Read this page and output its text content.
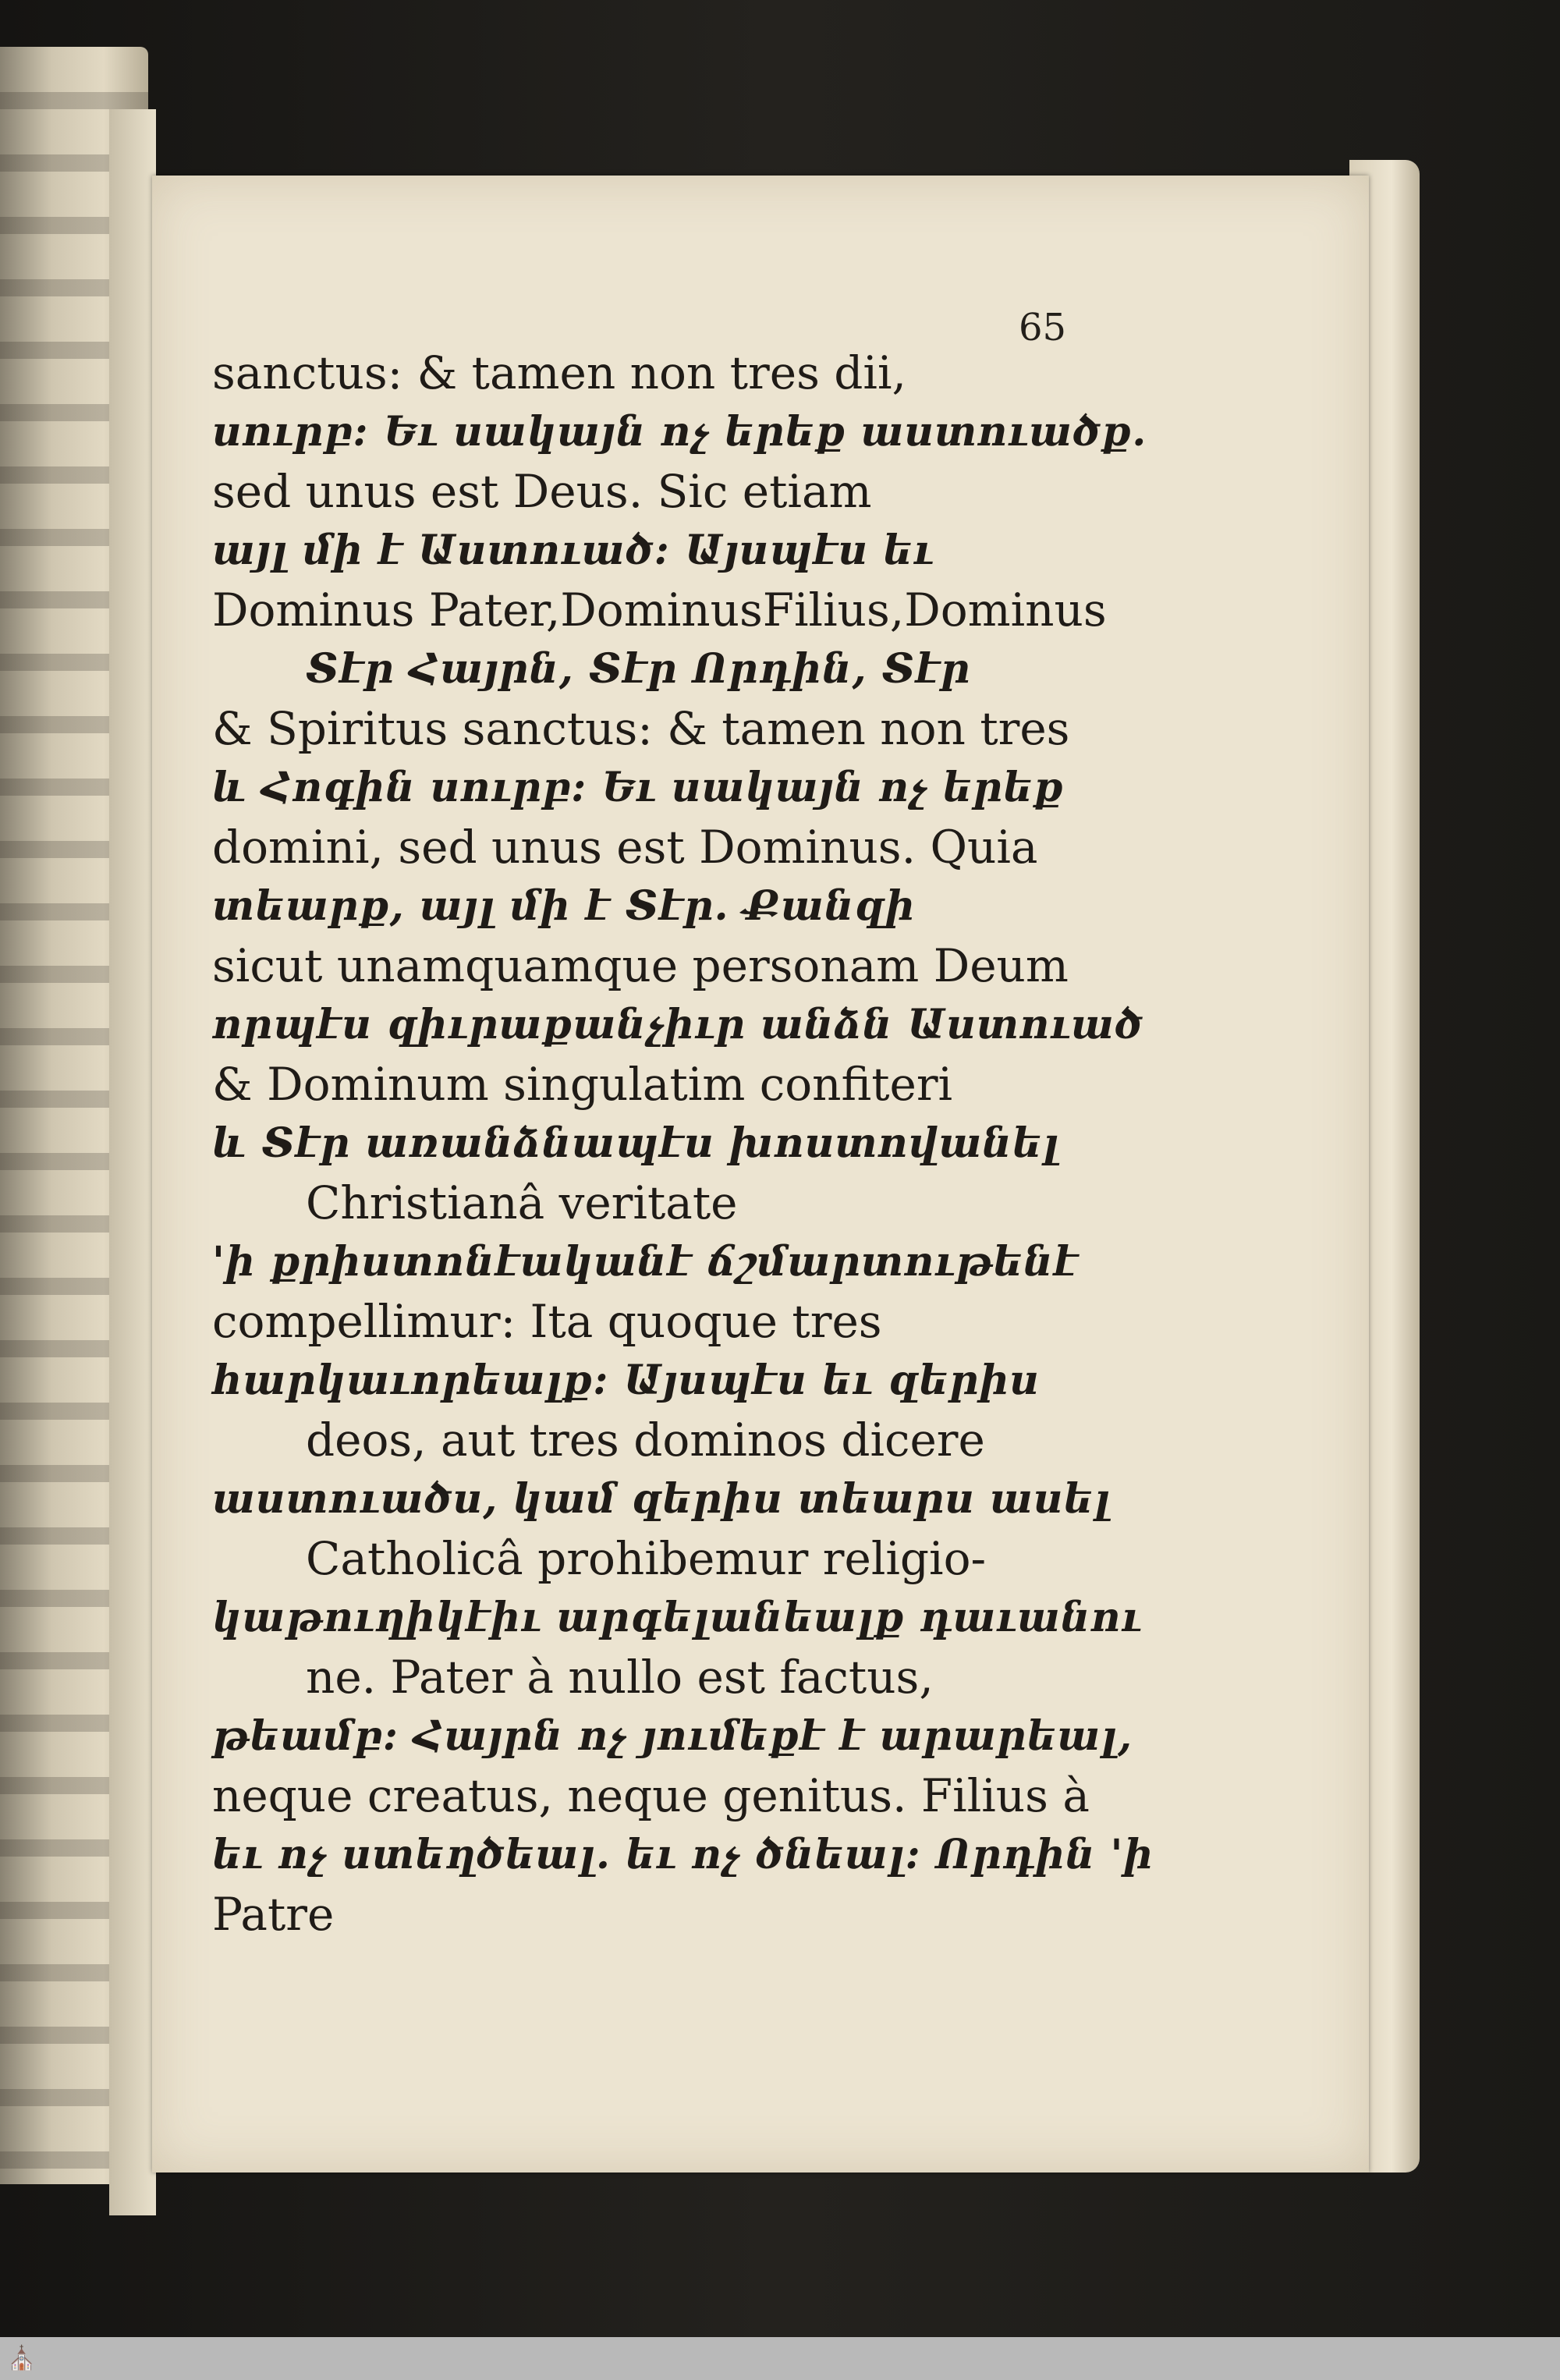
65
sanctus: & tamen non tres dii,
սուրբ: Եւ սակայն ոչ երեք աստուածք.
sed unus est Deus. Sic etiam
այլ մի է Աստուած: Այսպէս եւ
Dominus Pater,DominusFilius,Dominus
Տէր Հայրն, Տէր Որդին, Տէր
& Spiritus sanctus: & tamen non tres
և Հոգին սուրբ: Եւ սակայն ոչ երեք
domini, sed unus est Dominus. Quia
տեարք, այլ մի է Տէր. Քանզի
sicut unamquamque personam Deum
որպէս զիւրաքանչիւր անձն Աստուած
& Dominum singulatim confiteri
և Տէր առանձնապէս խոստովանել
Christianâ veritate
'ի քրիստոնէականէ ճշմարտութենէ
compellimur: Ita quoque tres
հարկաւորեալք: Այսպէս եւ զերիս
deos, aut tres dominos dicere
աստուածս, կամ զերիս տեարս ասել
Catholicâ prohibemur religio-
կաթուղիկէիւ արգելանեալք դաւանու
ne. Pater à nullo est factus,
թեամբ: Հայրն ոչ յումեքէ է արարեալ,
neque creatus, neque genitus. Filius à
եւ ոչ ստեղծեալ. եւ ոչ ծնեալ: Որդին 'ի
Patre
⛪
